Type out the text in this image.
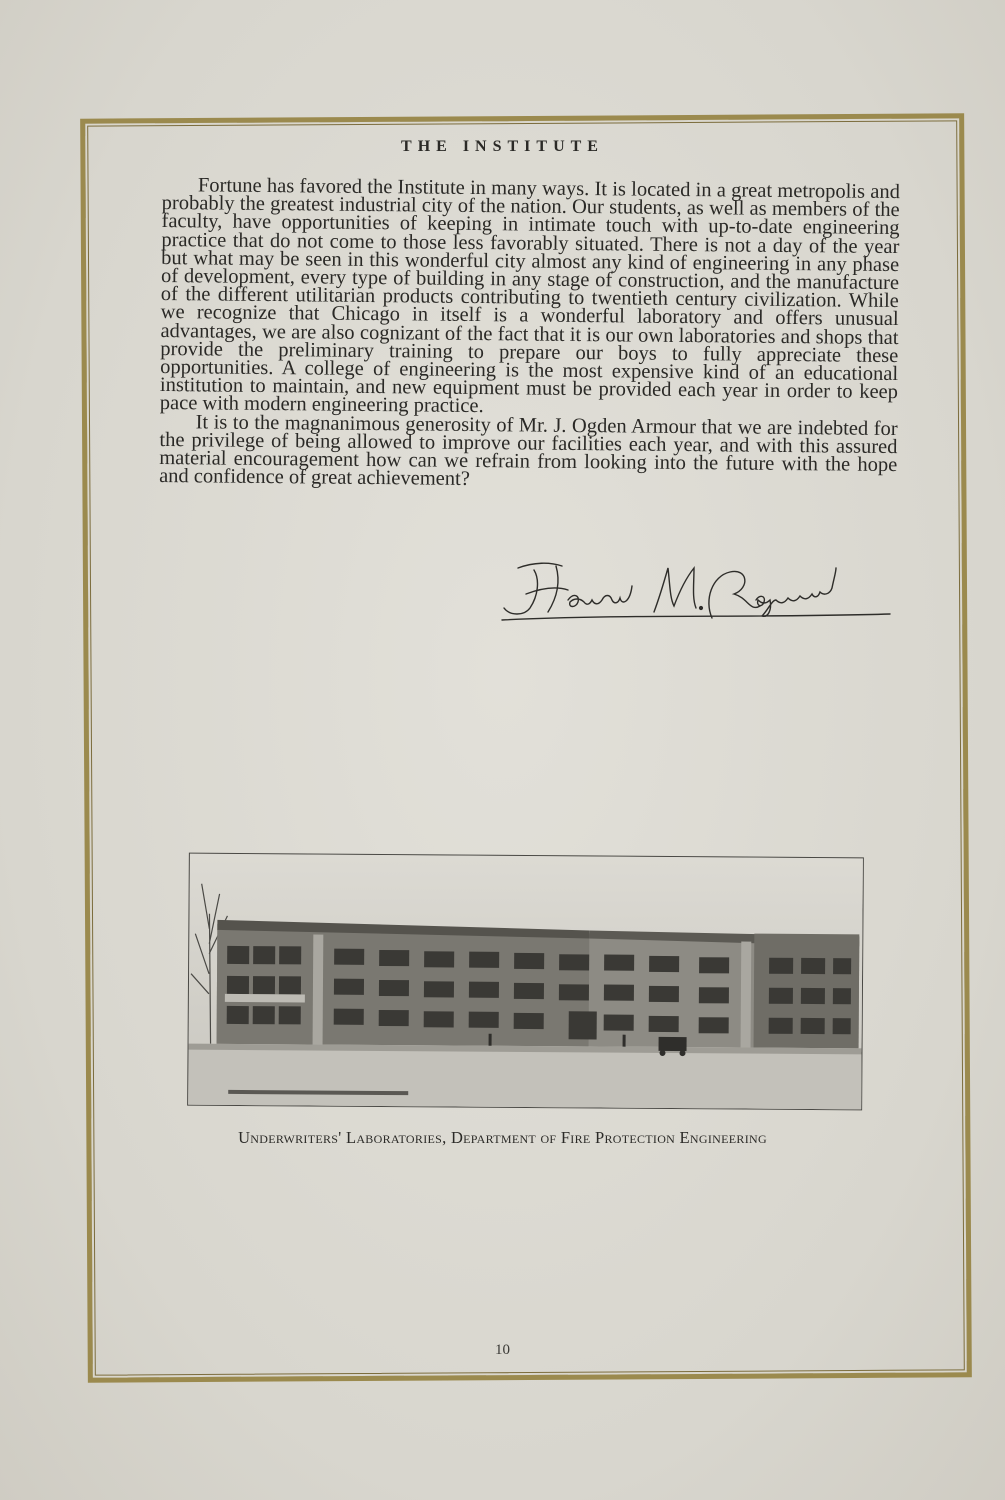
THE INSTITUTE

Fortune has favored the Institute in many ways. It is located in a great metropolis and probably the greatest industrial city of the nation. Our students, as well as members of the faculty, have opportunities of keeping in intimate touch with up-to-date engineering practice that do not come to those less favorably situated. There is not a day of the year but what may be seen in this wonderful city almost any kind of engineering in any phase of development, every type of building in any stage of construction, and the manufacture of the different utilitarian products contributing to twentieth century civilization. While we recognize that Chicago in itself is a wonderful laboratory and offers unusual advantages, we are also cognizant of the fact that it is our own laboratories and shops that provide the preliminary training to prepare our boys to fully appreciate these opportunities. A college of engineering is the most expensive kind of an educational institution to maintain, and new equipment must be provided each year in order to keep pace with modern engineering practice.

It is to the magnanimous generosity of Mr. J. Ogden Armour that we are indebted for the privilege of being allowed to improve our facilities each year, and with this assured material encouragement how can we refrain from looking into the future with the hope and confidence of great achievement?

Underwriters' Laboratories, Department of Fire Protection Engineering
10
